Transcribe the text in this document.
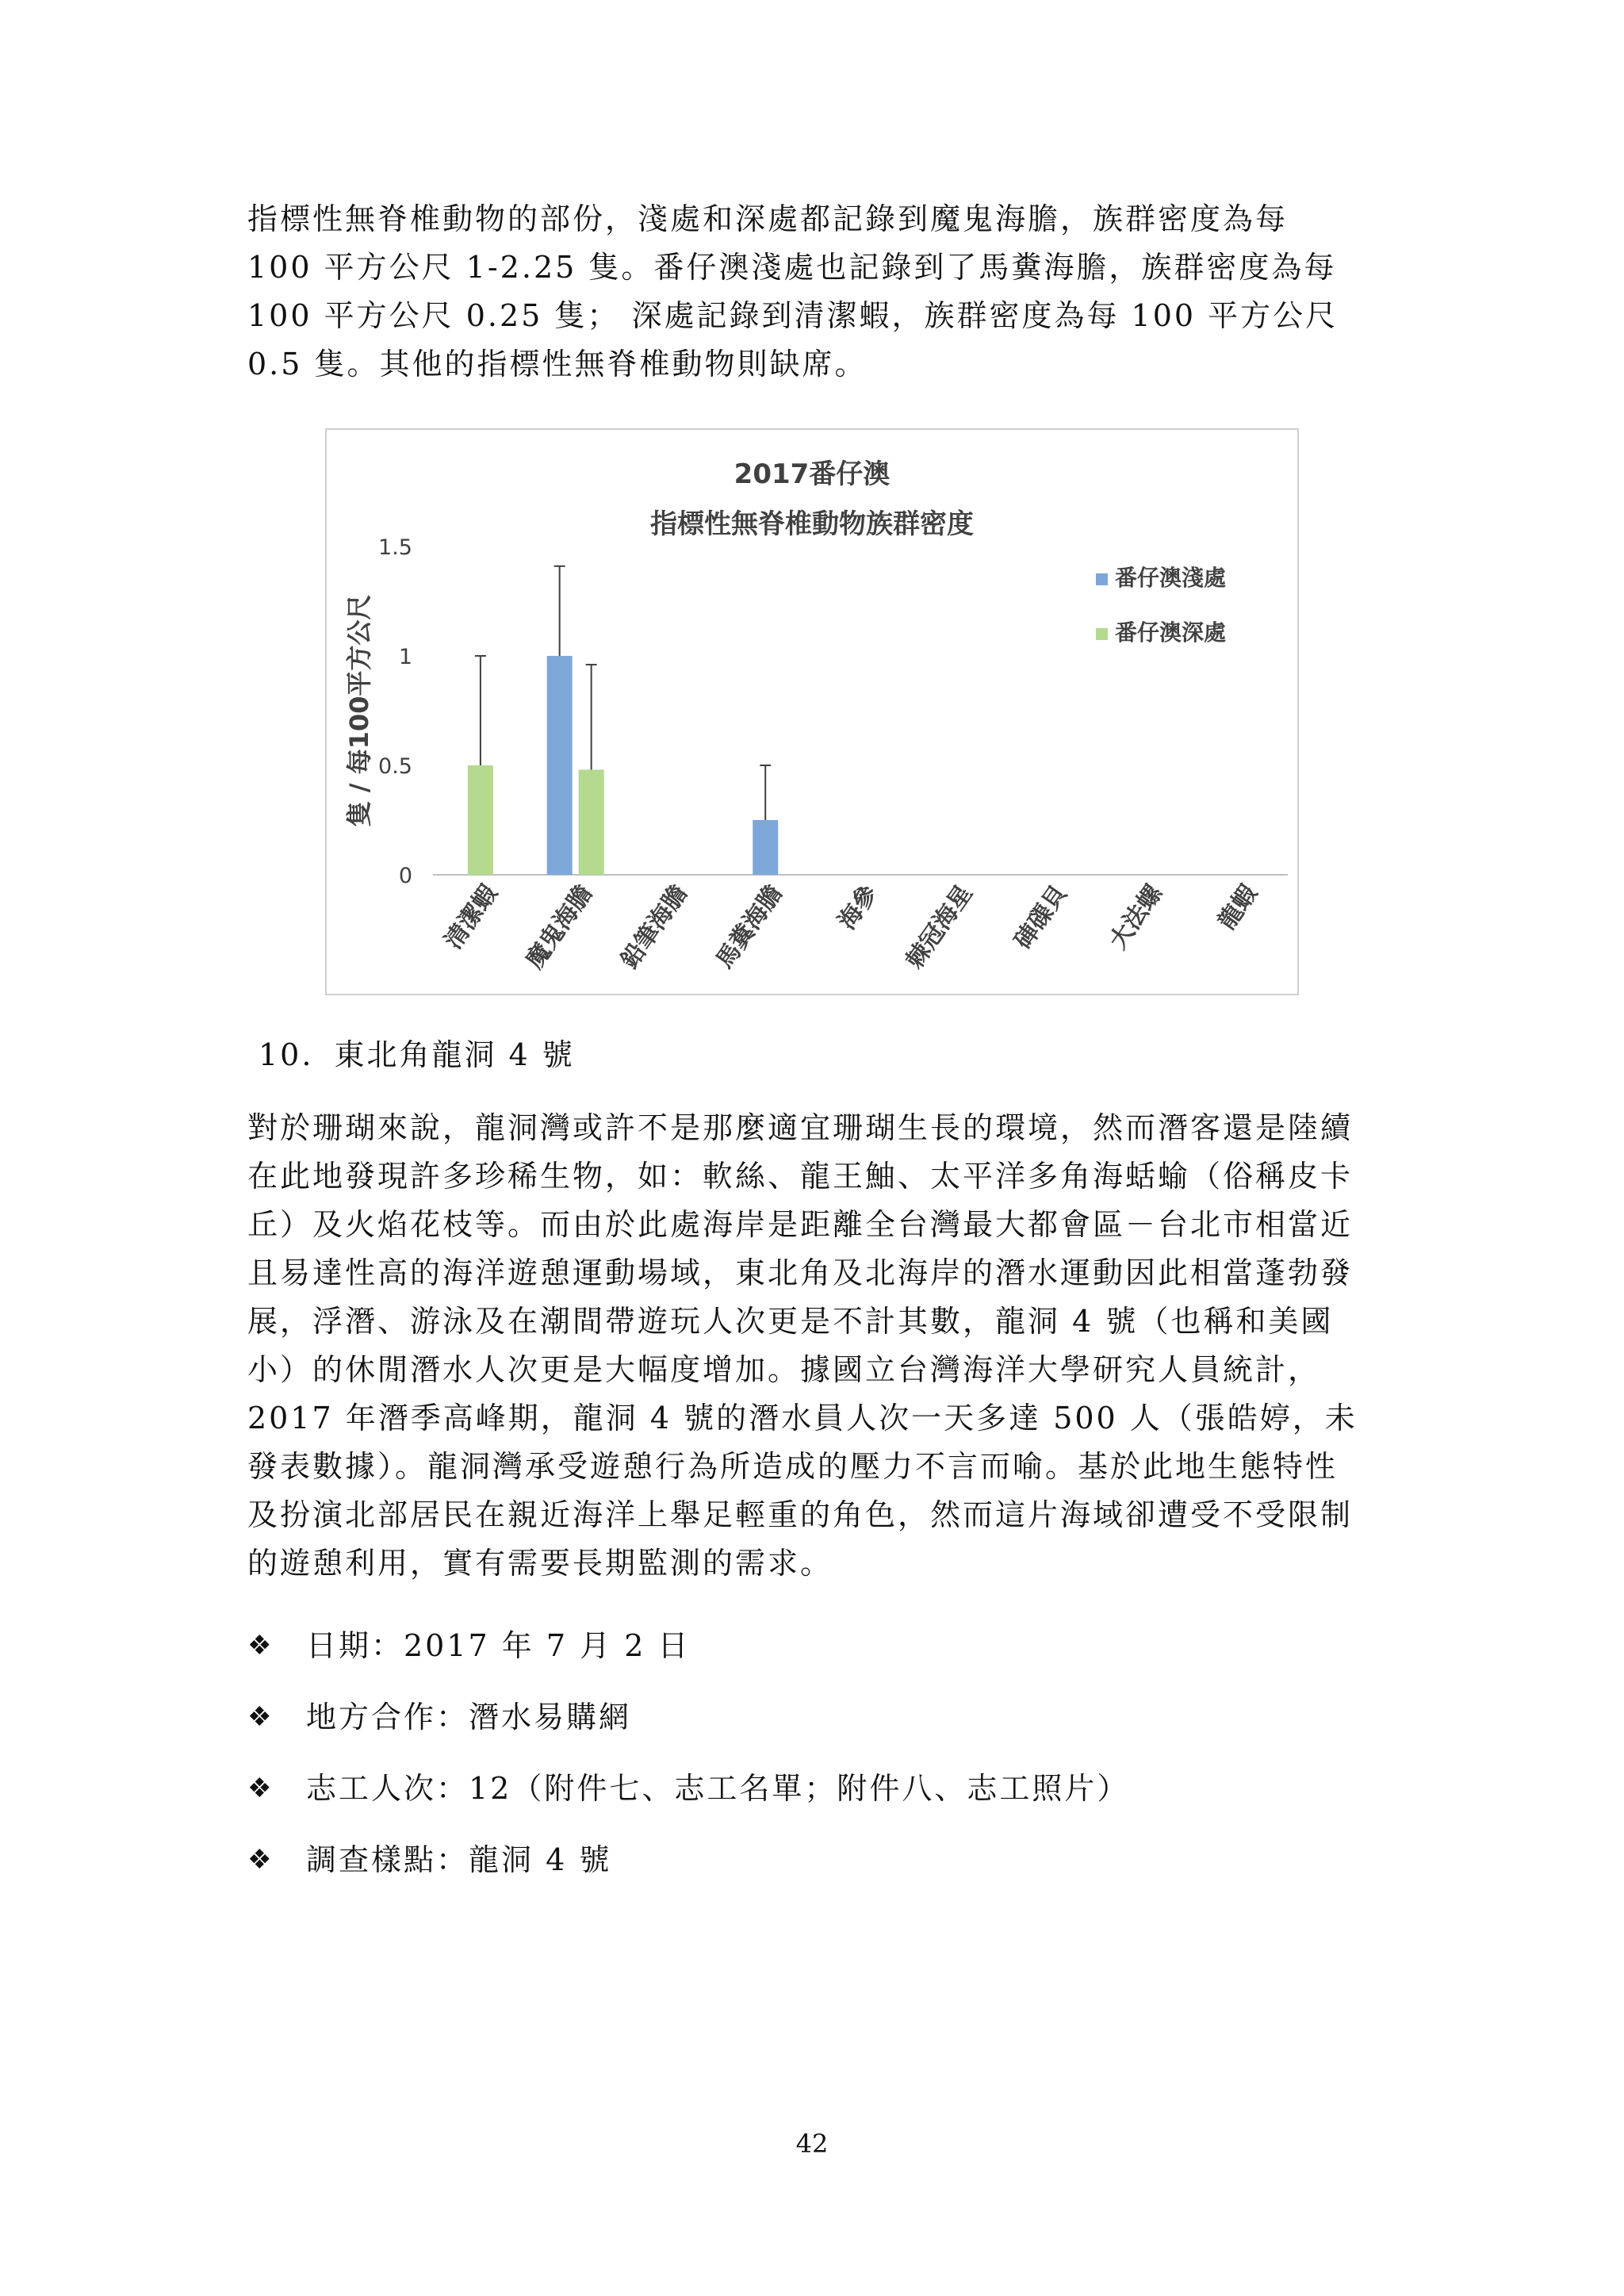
指標性無脊椎動物的部份，淺處和深處都記錄到魔鬼海膽，族群密度為每 100 平方公尺 1-2.25 隻。番仔澳淺處也記錄到了馬糞海膽，族群密度為每 100 平方公尺 0.25 隻； 深處記錄到清潔蝦，族群密度為每 100 平方公尺 0.5 隻。其他的指標性無脊椎動物則缺席。

2017番仔澳
指標性無脊椎動物族群密度
0
0.5
1
1.5
隻 / 每100平方公尺
清潔蝦 魔鬼海膽 鉛筆海膽 馬糞海膽 海參 棘冠海星 硨磲貝 大法螺 龍蝦
番仔澳淺處
番仔澳深處
10. 東北角龍洞 4 號

對於珊瑚來說，龍洞灣或許不是那麼適宜珊瑚生長的環境，然而潛客還是陸續在此地發現許多珍稀生物，如：軟絲、龍王鮋、太平洋多角海蛞蝓（俗稱皮卡丘）及火焰花枝等。而由於此處海岸是距離全台灣最大都會區－台北市相當近且易達性高的海洋遊憩運動場域，東北角及北海岸的潛水運動因此相當蓬勃發展，浮潛、游泳及在潮間帶遊玩人次更是不計其數，龍洞 4 號（也稱和美國小）的休閒潛水人次更是大幅度增加。據國立台灣海洋大學研究人員統計，2017 年潛季高峰期，龍洞 4 號的潛水員人次一天多達 500 人（張皓婷，未發表數據）。龍洞灣承受遊憩行為所造成的壓力不言而喻。基於此地生態特性及扮演北部居民在親近海洋上舉足輕重的角色，然而這片海域卻遭受不受限制的遊憩利用，實有需要長期監測的需求。

❖	日期：2017 年 7 月 2 日
❖	地方合作：潛水易購網
❖	志工人次：12（附件七、志工名單；附件八、志工照片）
❖	調查樣點：龍洞 4 號
42
